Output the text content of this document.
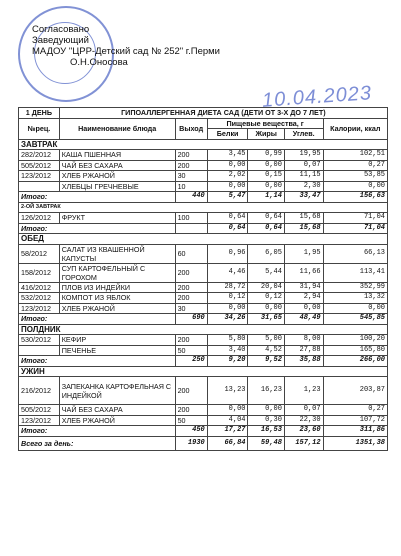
Согласовано
Заведующий
МАДОУ "ЦРР-Детский сад № 252" г.Перми
О.Н.Оносова
10.04.2023
1 ДЕНЬ	ГИПОАЛЛЕРГЕННАЯ ДИЕТА САД (ДЕТИ ОТ 3-Х ДО 7 ЛЕТ)					
№рец.	Наименование блюда	Выход	Пищевые вещества, г			Калории, ккал
			Белки	Жиры	Углев.	
ЗАВТРАК						
282/2012	КАША ПШЕННАЯ	200	3,45	0,99	19,95	102,51
505/2012	ЧАЙ БЕЗ САХАРА	200	0,00	0,00	0,07	0,27
123/2012	ХЛЕБ РЖАНОЙ	30	2,02	0,15	11,15	53,85
	ХЛЕБЦЫ ГРЕЧНЕВЫЕ	10	0,00	0,00	2,30	0,00
Итого:		440	5,47	1,14	33,47	156,63
2-ОЙ ЗАВТРАК						
126/2012	ФРУКТ	100	0,64	0,64	15,68	71,04
Итого:			0,64	0,64	15,68	71,04
ОБЕД						
58/2012	САЛАТ ИЗ КВАШЕННОЙ КАПУСТЫ	60	0,96	6,05	1,95	66,13
158/2012	СУП КАРТОФЕЛЬНЫЙ С ГОРОХОМ	200	4,46	5,44	11,66	113,41
416/2012	ПЛОВ ИЗ ИНДЕЙКИ	200	28,72	20,04	31,94	352,99
532/2012	КОМПОТ ИЗ ЯБЛОК	200	0,12	0,12	2,94	13,32
123/2012	ХЛЕБ РЖАНОЙ	30	0,00	0,00	0,00	0,00
Итого:		690	34,26	31,65	48,49	545,85
ПОЛДНИК						
530/2012	КЕФИР	200	5,80	5,00	8,00	100,20
	ПЕЧЕНЬЕ	50	3,40	4,52	27,88	165,80
Итого:		250	9,20	9,52	35,88	266,00
УЖИН						
216/2012	ЗАПЕКАНКА КАРТОФЕЛЬНАЯ С ИНДЕЙКОЙ	200	13,23	16,23	1,23	203,87
505/2012	ЧАЙ БЕЗ САХАРА	200	0,00	0,00	0,07	0,27
123/2012	ХЛЕБ РЖАНОЙ	50	4,04	0,30	22,30	107,72
Итого:		450	17,27	16,53	23,60	311,86
Всего за день:		1930	66,84	59,48	157,12	1351,38
